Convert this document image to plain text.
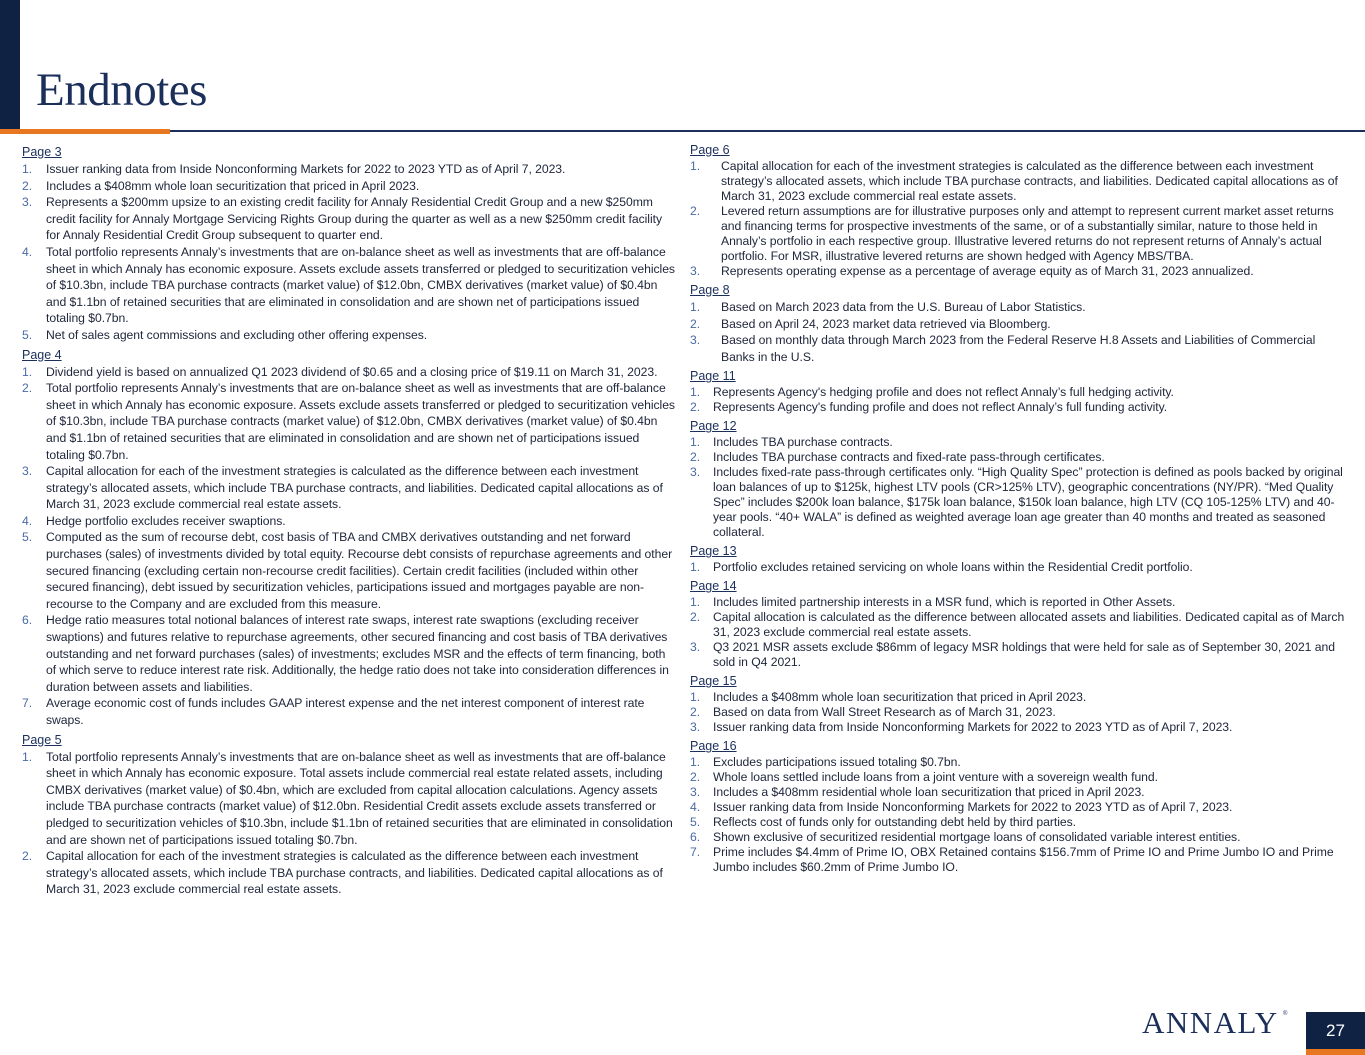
Endnotes
Page 3
1. Issuer ranking data from Inside Nonconforming Markets for 2022 to 2023 YTD as of April 7, 2023.
2. Includes a $408mm whole loan securitization that priced in April 2023.
3. Represents a $200mm upsize to an existing credit facility for Annaly Residential Credit Group and a new $250mm credit facility for Annaly Mortgage Servicing Rights Group during the quarter as well as a new $250mm credit facility for Annaly Residential Credit Group subsequent to quarter end.
4. Total portfolio represents Annaly’s investments that are on-balance sheet as well as investments that are off-balance sheet in which Annaly has economic exposure. Assets exclude assets transferred or pledged to securitization vehicles of $10.3bn, include TBA purchase contracts (market value) of $12.0bn, CMBX derivatives (market value) of $0.4bn and $1.1bn of retained securities that are eliminated in consolidation and are shown net of participations issued totaling $0.7bn.
5. Net of sales agent commissions and excluding other offering expenses.
Page 4
1. Dividend yield is based on annualized Q1 2023 dividend of $0.65 and a closing price of $19.11 on March 31, 2023.
2. Total portfolio represents Annaly’s investments that are on-balance sheet as well as investments that are off-balance sheet in which Annaly has economic exposure. Assets exclude assets transferred or pledged to securitization vehicles of $10.3bn, include TBA purchase contracts (market value) of $12.0bn, CMBX derivatives (market value) of $0.4bn and $1.1bn of retained securities that are eliminated in consolidation and are shown net of participations issued totaling $0.7bn.
3. Capital allocation for each of the investment strategies is calculated as the difference between each investment strategy’s allocated assets, which include TBA purchase contracts, and liabilities. Dedicated capital allocations as of March 31, 2023 exclude commercial real estate assets.
4. Hedge portfolio excludes receiver swaptions.
5. Computed as the sum of recourse debt, cost basis of TBA and CMBX derivatives outstanding and net forward purchases (sales) of investments divided by total equity. Recourse debt consists of repurchase agreements and other secured financing (excluding certain non-recourse credit facilities). Certain credit facilities (included within other secured financing), debt issued by securitization vehicles, participations issued and mortgages payable are non-recourse to the Company and are excluded from this measure.
6. Hedge ratio measures total notional balances of interest rate swaps, interest rate swaptions (excluding receiver swaptions) and futures relative to repurchase agreements, other secured financing and cost basis of TBA derivatives outstanding and net forward purchases (sales) of investments; excludes MSR and the effects of term financing, both of which serve to reduce interest rate risk. Additionally, the hedge ratio does not take into consideration differences in duration between assets and liabilities.
7. Average economic cost of funds includes GAAP interest expense and the net interest component of interest rate swaps.
Page 5
1. Total portfolio represents Annaly’s investments that are on-balance sheet as well as investments that are off-balance sheet in which Annaly has economic exposure. Total assets include commercial real estate related assets, including CMBX derivatives (market value) of $0.4bn, which are excluded from capital allocation calculations. Agency assets include TBA purchase contracts (market value) of $12.0bn. Residential Credit assets exclude assets transferred or pledged to securitization vehicles of $10.3bn, include $1.1bn of retained securities that are eliminated in consolidation and are shown net of participations issued totaling $0.7bn.
2. Capital allocation for each of the investment strategies is calculated as the difference between each investment strategy’s allocated assets, which include TBA purchase contracts, and liabilities. Dedicated capital allocations as of March 31, 2023 exclude commercial real estate assets.
Page 6
1. Capital allocation for each of the investment strategies is calculated as the difference between each investment strategy’s allocated assets, which include TBA purchase contracts, and liabilities. Dedicated capital allocations as of March 31, 2023 exclude commercial real estate assets.
2. Levered return assumptions are for illustrative purposes only and attempt to represent current market asset returns and financing terms for prospective investments of the same, or of a substantially similar, nature to those held in Annaly’s portfolio in each respective group. Illustrative levered returns do not represent returns of Annaly’s actual portfolio. For MSR, illustrative levered returns are shown hedged with Agency MBS/TBA.
3. Represents operating expense as a percentage of average equity as of March 31, 2023 annualized.
Page 8
1. Based on March 2023 data from the U.S. Bureau of Labor Statistics.
2. Based on April 24, 2023 market data retrieved via Bloomberg.
3. Based on monthly data through March 2023 from the Federal Reserve H.8 Assets and Liabilities of Commercial Banks in the U.S.
Page 11
1. Represents Agency's hedging profile and does not reflect Annaly’s full hedging activity.
2. Represents Agency's funding profile and does not reflect Annaly’s full funding activity.
Page 12
1. Includes TBA purchase contracts.
2. Includes TBA purchase contracts and fixed-rate pass-through certificates.
3. Includes fixed-rate pass-through certificates only. “High Quality Spec” protection is defined as pools backed by original loan balances of up to $125k, highest LTV pools (CR>125% LTV), geographic concentrations (NY/PR). “Med Quality Spec” includes $200k loan balance, $175k loan balance, $150k loan balance, high LTV (CQ 105-125% LTV) and 40-year pools. “40+ WALA” is defined as weighted average loan age greater than 40 months and treated as seasoned collateral.
Page 13
1. Portfolio excludes retained servicing on whole loans within the Residential Credit portfolio.
Page 14
1. Includes limited partnership interests in a MSR fund, which is reported in Other Assets.
2. Capital allocation is calculated as the difference between allocated assets and liabilities. Dedicated capital as of March 31, 2023 exclude commercial real estate assets.
3. Q3 2021 MSR assets exclude $86mm of legacy MSR holdings that were held for sale as of September 30, 2021 and sold in Q4 2021.
Page 15
1. Includes a $408mm whole loan securitization that priced in April 2023.
2. Based on data from Wall Street Research as of March 31, 2023.
3. Issuer ranking data from Inside Nonconforming Markets for 2022 to 2023 YTD as of April 7, 2023.
Page 16
1. Excludes participations issued totaling $0.7bn.
2. Whole loans settled include loans from a joint venture with a sovereign wealth fund.
3. Includes a $408mm residential whole loan securitization that priced in April 2023.
4. Issuer ranking data from Inside Nonconforming Markets for 2022 to 2023 YTD as of April 7, 2023.
5. Reflects cost of funds only for outstanding debt held by third parties.
6. Shown exclusive of securitized residential mortgage loans of consolidated variable interest entities.
7. Prime includes $4.4mm of Prime IO, OBX Retained contains $156.7mm of Prime IO and Prime Jumbo IO and Prime Jumbo includes $60.2mm of Prime Jumbo IO.
ANNALY ®
27
